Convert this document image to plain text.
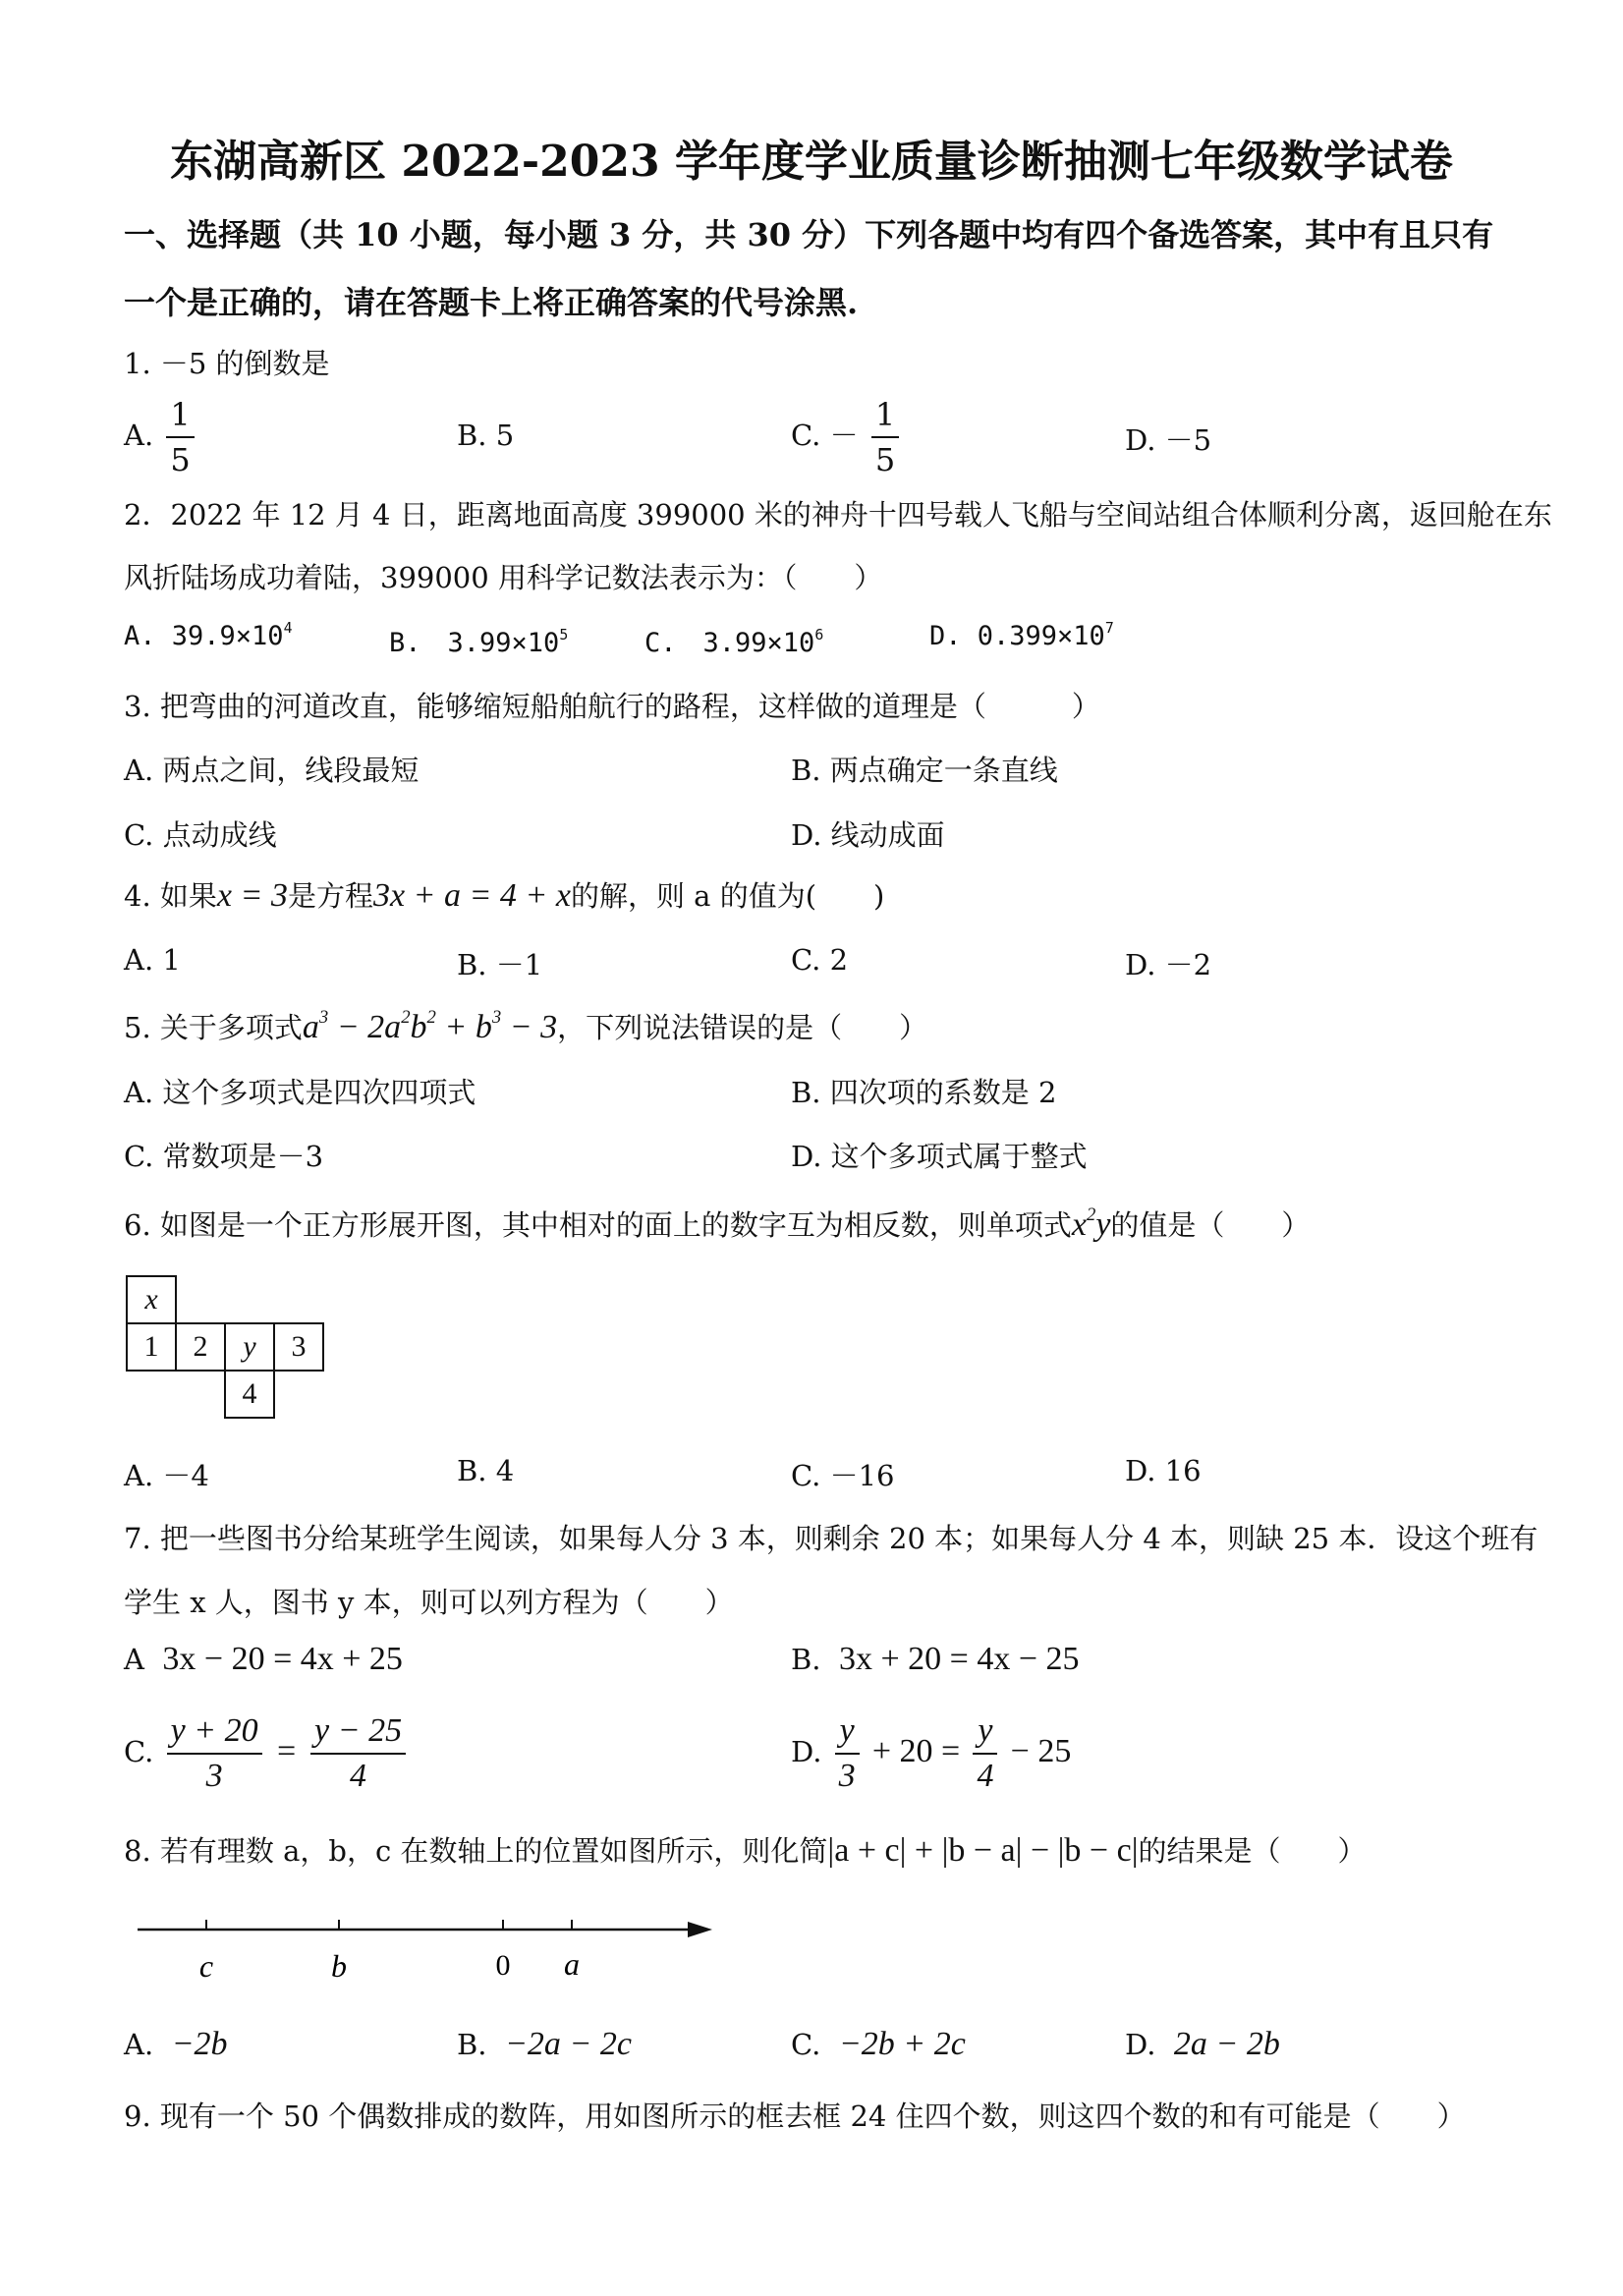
东湖高新区 2022-2023 学年度学业质量诊断抽测七年级数学试卷
一、选择题（共 10 小题，每小题 3 分，共 30 分）下列各题中均有四个备选答案，其中有且只有
一个是正确的，请在答题卡上将正确答案的代号涂黑.
1. －5 的倒数是
A. $\frac{1}{5}$	B. 5	C. － $\frac{1}{5}$	D. －5
2．2022 年 12 月 4 日，距离地面高度 399000 米的神舟十四号载人飞船与空间站组合体顺利分离，返回舱在东
风折陆场成功着陆，399000 用科学记数法表示为：（　　）
A. $39.9\times 10^4$	B.　$3.99\times 10^5$	C.　$3.99\times 10^6$	D. $0.399\times 10^7$
3. 把弯曲的河道改直，能够缩短船舶航行的路程，这样做的道理是（　　　）
A. 两点之间，线段最短	B. 两点确定一条直线
C. 点动成线	D. 线动成面
4. 如果x = 3是方程3x + a = 4 + x的解，则 a 的值为(　　)
A. 1	B. －1	C. 2	D. －2
5. 关于多项式$a^3 - 2a^2b^2 + b^3 - 3$，下列说法错误的是（　　）
A. 这个多项式是四次四项式	B. 四次项的系数是 2
C. 常数项是－3	D. 这个多项式属于整式
6. 如图是一个正方形展开图，其中相对的面上的数字互为相反数，则单项式$x^2y$的值是（　　）
x
1	2	y	3
4
A. －4	B. 4	C. －16	D. 16
7. 把一些图书分给某班学生阅读，如果每人分 3 本，则剩余 20 本；如果每人分 4 本，则缺 25 本．设这个班有
学生 x 人，图书 y 本，则可以列方程为（　　）
A 3x − 20 = 4x + 25	B. 3x + 20 = 4x − 25
C. $\frac{y + 20}{3} = \frac{y - 25}{4}$	D. $\frac{y}{3} + 20 = \frac{y}{4} - 25$
8. 若有理数 a，b，c 在数轴上的位置如图所示，则化简|a + c| + |b − a| − |b − c|的结果是（　　）
c	b	0 a
A. −2b	B. −2a − 2c	C. −2b + 2c	D. 2a − 2b
9. 现有一个 50 个偶数排成的数阵，用如图所示的框去框 24 住四个数，则这四个数的和有可能是（　　）
